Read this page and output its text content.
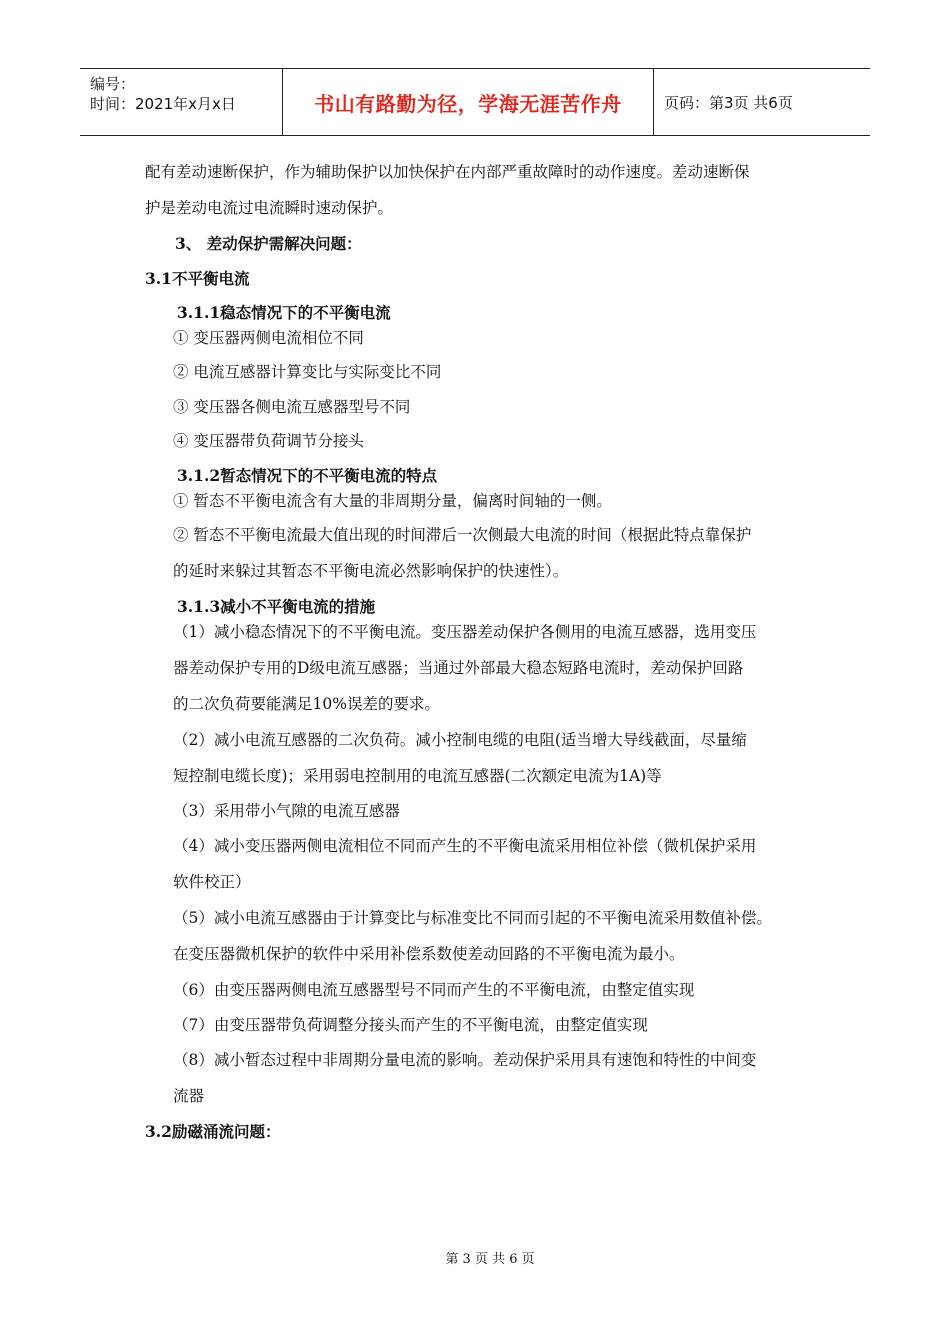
编号：
时间：2021年x月x日	书山有路勤为径，学海无涯苦作舟	页码：第3页 共6页
配有差动速断保护，作为辅助保护以加快保护在内部严重故障时的动作速度。差动速断保
护是差动电流过电流瞬时速动保护。
3、 差动保护需解决问题：
3.1不平衡电流
3.1.1稳态情况下的不平衡电流
① 变压器两侧电流相位不同
② 电流互感器计算变比与实际变比不同
③ 变压器各侧电流互感器型号不同
④ 变压器带负荷调节分接头
3.1.2暂态情况下的不平衡电流的特点
① 暂态不平衡电流含有大量的非周期分量，偏离时间轴的一侧。
② 暂态不平衡电流最大值出现的时间滞后一次侧最大电流的时间（根据此特点靠保护
的延时来躲过其暂态不平衡电流必然影响保护的快速性）。
3.1.3减小不平衡电流的措施
（1）减小稳态情况下的不平衡电流。变压器差动保护各侧用的电流互感器，选用变压
器差动保护专用的D级电流互感器；当通过外部最大稳态短路电流时，差动保护回路
的二次负荷要能满足10%误差的要求。
（2）减小电流互感器的二次负荷。减小控制电缆的电阻(适当增大导线截面，尽量缩
短控制电缆长度)；采用弱电控制用的电流互感器(二次额定电流为1A)等
（3）采用带小气隙的电流互感器
（4）减小变压器两侧电流相位不同而产生的不平衡电流采用相位补偿（微机保护采用
软件校正）
（5）减小电流互感器由于计算变比与标准变比不同而引起的不平衡电流采用数值补偿。
在变压器微机保护的软件中采用补偿系数使差动回路的不平衡电流为最小。
（6）由变压器两侧电流互感器型号不同而产生的不平衡电流，由整定值实现
（7）由变压器带负荷调整分接头而产生的不平衡电流，由整定值实现
（8）减小暂态过程中非周期分量电流的影响。差动保护采用具有速饱和特性的中间变
流器
3.2励磁涌流问题：
第 3 页 共 6 页
